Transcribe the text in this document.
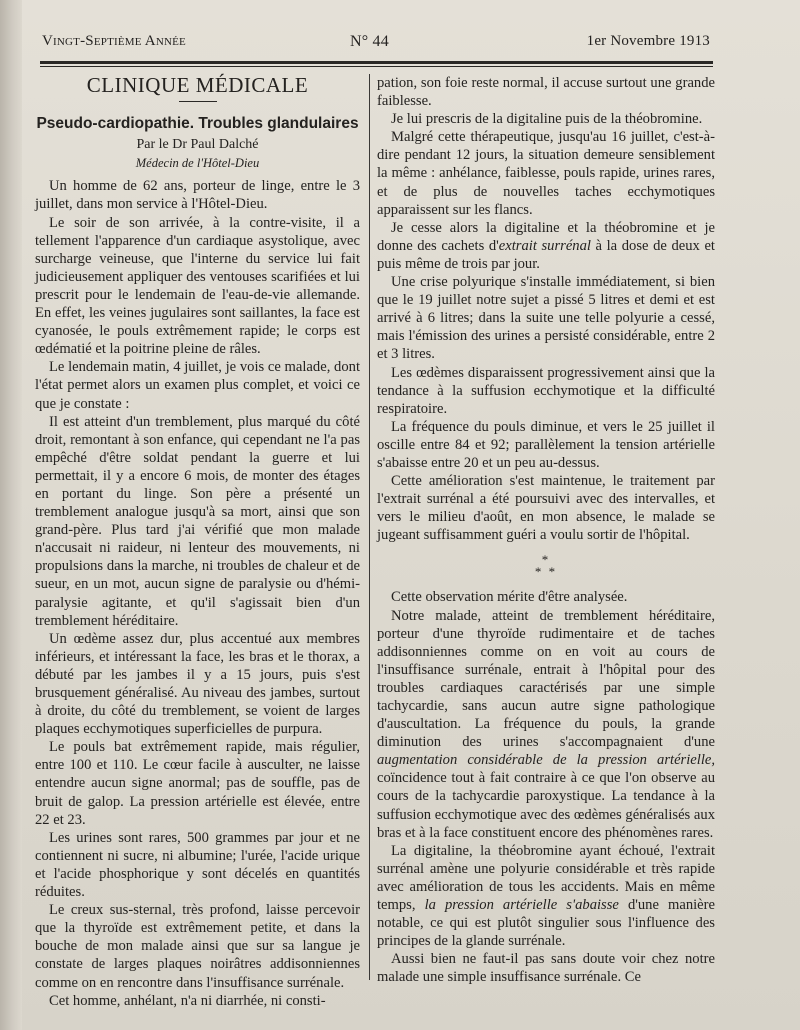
Vingt-Septième Année	N° 44	1er Novembre 1913
CLINIQUE MÉDICALE
Pseudo-cardiopathie. Troubles glandulaires
Par le Dr Paul Dalché
Médecin de l'Hôtel-Dieu

Un homme de 62 ans, porteur de linge, entre le 3 juillet, dans mon service à l'Hôtel-Dieu.

Le soir de son arrivée, à la contre-visite, il a tellement l'apparence d'un cardiaque asystolique, avec surcharge veineuse, que l'interne du service lui fait judicieusement appliquer des ventouses scarifiées et lui prescrit pour le lendemain de l'eau-de-vie allemande. En effet, les veines jugulaires sont saillantes, la face est cyanosée, le pouls extrêmement rapide; le corps est œdématié et la poitrine pleine de râles.

Le lendemain matin, 4 juillet, je vois ce malade, dont l'état permet alors un examen plus complet, et voici ce que je constate :

Il est atteint d'un tremblement, plus marqué du côté droit, remontant à son enfance, qui cependant ne l'a pas empêché d'être soldat pendant la guerre et lui permettait, il y a encore 6 mois, de monter des étages en portant du linge. Son père a présenté un tremblement analogue jusqu'à sa mort, ainsi que son grand-père. Plus tard j'ai vérifié que mon malade n'accusait ni raideur, ni lenteur des mouvements, ni propulsions dans la marche, ni troubles de chaleur et de sueur, en un mot, aucun signe de paralysie ou d'hémi-paralysie agitante, et qu'il s'agissait bien d'un tremblement héréditaire.

Un œdème assez dur, plus accentué aux membres inférieurs, et intéressant la face, les bras et le thorax, a débuté par les jambes il y a 15 jours, puis s'est brusquement généralisé. Au niveau des jambes, surtout à droite, du côté du tremblement, se voient de larges plaques ecchymotiques superficielles de purpura.

Le pouls bat extrêmement rapide, mais régulier, entre 100 et 110. Le cœur facile à ausculter, ne laisse entendre aucun signe anormal; pas de souffle, pas de bruit de galop. La pression artérielle est élevée, entre 22 et 23.

Les urines sont rares, 500 grammes par jour et ne contiennent ni sucre, ni albumine; l'urée, l'acide urique et l'acide phosphorique y sont décelés en quantités réduites.

Le creux sus-sternal, très profond, laisse percevoir que la thyroïde est extrêmement petite, et dans la bouche de mon malade ainsi que sur sa langue je constate de larges plaques noirâtres addisonniennes comme on en rencontre dans l'insuffisance surrénale.

Cet homme, anhélant, n'a ni diarrhée, ni consti-

pation, son foie reste normal, il accuse surtout une grande faiblesse.

Je lui prescris de la digitaline puis de la théobromine.

Malgré cette thérapeutique, jusqu'au 16 juillet, c'est-à-dire pendant 12 jours, la situation demeure sensiblement la même : anhélance, faiblesse, pouls rapide, urines rares, et de plus de nouvelles taches ecchymotiques apparaissent sur les flancs.

Je cesse alors la digitaline et la théobromine et je donne des cachets d'extrait surrénal à la dose de deux et puis même de trois par jour.

Une crise polyurique s'installe immédiatement, si bien que le 19 juillet notre sujet a pissé 5 litres et demi et est arrivé à 6 litres; dans la suite une telle polyurie a cessé, mais l'émission des urines a persisté considérable, entre 2 et 3 litres.

Les œdèmes disparaissent progressivement ainsi que la tendance à la suffusion ecchymotique et la difficulté respiratoire.

La fréquence du pouls diminue, et vers le 25 juillet il oscille entre 84 et 92; parallèlement la tension artérielle s'abaisse entre 20 et un peu au-dessus.

Cette amélioration s'est maintenue, le traitement par l'extrait surrénal a été poursuivi avec des intervalles, et vers le milieu d'août, en mon absence, le malade se jugeant suffisamment guéri a voulu sortir de l'hôpital.

*
* *

Cette observation mérite d'être analysée.

Notre malade, atteint de tremblement héréditaire, porteur d'une thyroïde rudimentaire et de taches addisonniennes comme on en voit au cours de l'insuffisance surrénale, entrait à l'hôpital pour des troubles cardiaques caractérisés par une simple tachycardie, sans aucun autre signe pathologique d'auscultation. La fréquence du pouls, la grande diminution des urines s'accompagnaient d'une augmentation considérable de la pression artérielle, coïncidence tout à fait contraire à ce que l'on observe au cours de la tachycardie paroxystique. La tendance à la suffusion ecchymotique avec des œdèmes généralisés aux bras et à la face constituent encore des phénomènes rares.

La digitaline, la théobromine ayant échoué, l'extrait surrénal amène une polyurie considérable et très rapide avec amélioration de tous les accidents. Mais en même temps, la pression artérielle s'abaisse d'une manière notable, ce qui est plutôt singulier sous l'influence des principes de la glande surrénale.

Aussi bien ne faut-il pas sans doute voir chez notre malade une simple insuffisance surrénale. Ce
